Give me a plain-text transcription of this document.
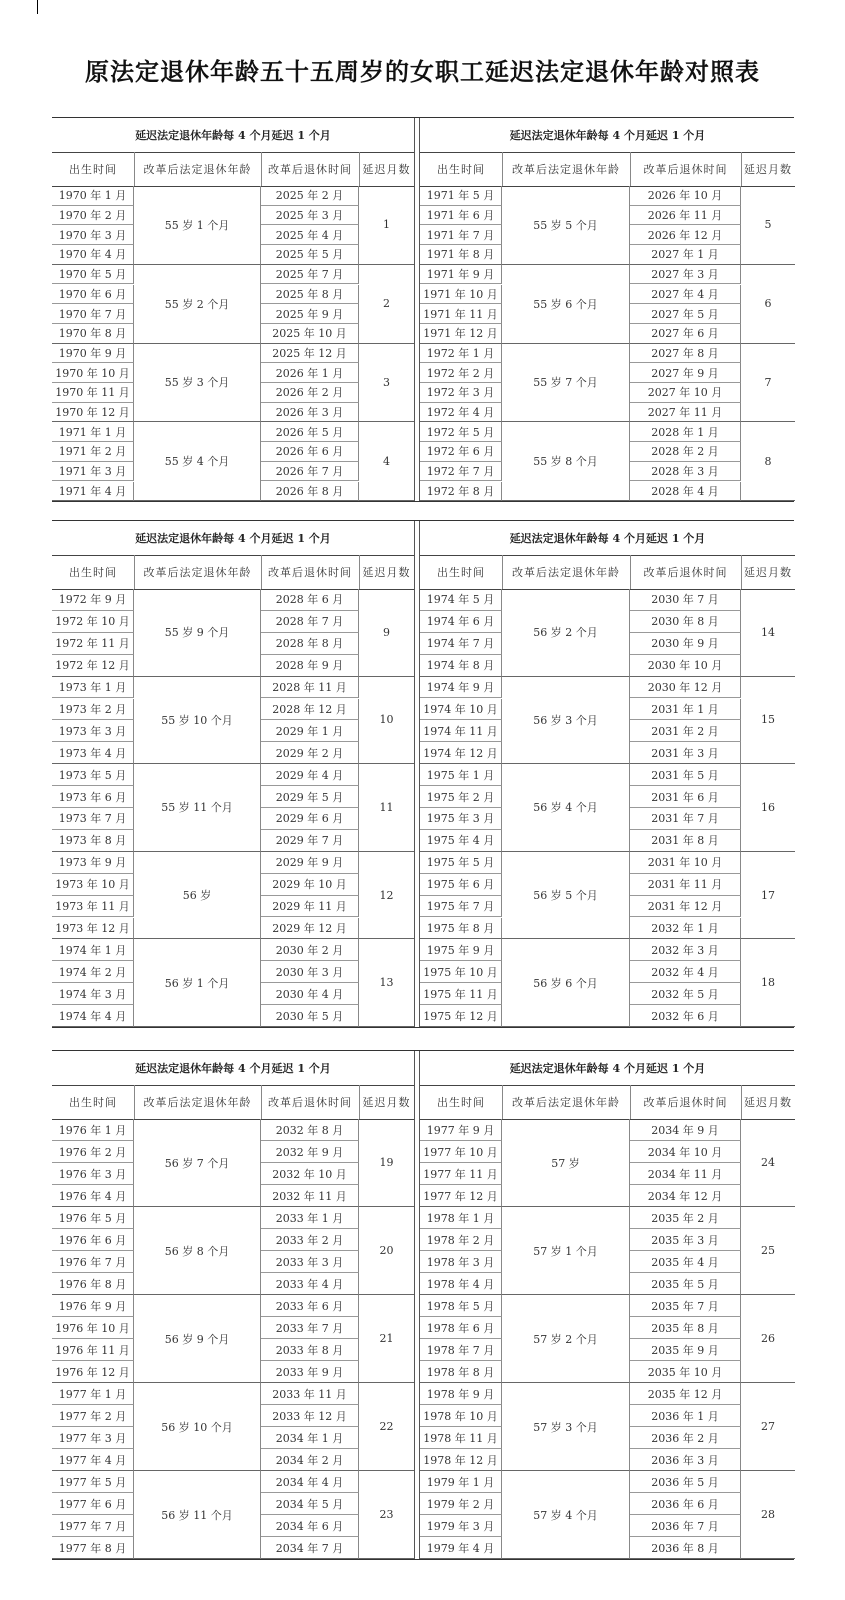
原法定退休年龄五十五周岁的女职工延迟法定退休年龄对照表
延迟法定退休年龄每 4 个月延迟 1 个月
出生时间	改革后法定退休年龄	改革后退休时间 延迟月数
1970 年 1 月	2025 年 2 月
1970 年 2 月	2025 年 3 月
1970 年 3 月	2025 年 4 月
1970 年 4 月	2025 年 5 月
55 岁 1 个月	1
1970 年 5 月	2025 年 7 月
1970 年 6 月	2025 年 8 月
1970 年 7 月	2025 年 9 月
1970 年 8 月	2025 年 10 月
55 岁 2 个月	2
1970 年 9 月	2025 年 12 月
1970 年 10 月	2026 年 1 月
1970 年 11 月	2026 年 2 月
1970 年 12 月	2026 年 3 月
55 岁 3 个月	3
1971 年 1 月	2026 年 5 月
1971 年 2 月	2026 年 6 月
1971 年 3 月	2026 年 7 月
1971 年 4 月	2026 年 8 月
55 岁 4 个月	4
延迟法定退休年龄每 4 个月延迟 1 个月
出生时间	改革后法定退休年龄	改革后退休时间	延迟月数
1971 年 5 月	2026 年 10 月
1971 年 6 月	2026 年 11 月
1971 年 7 月	2026 年 12 月
1971 年 8 月	2027 年 1 月
55 岁 5 个月	5
1971 年 9 月	2027 年 3 月
1971 年 10 月	2027 年 4 月
1971 年 11 月	2027 年 5 月
1971 年 12 月	2027 年 6 月
55 岁 6 个月	6
1972 年 1 月	2027 年 8 月
1972 年 2 月	2027 年 9 月
1972 年 3 月	2027 年 10 月
1972 年 4 月	2027 年 11 月
55 岁 7 个月	7
1972 年 5 月	2028 年 1 月
1972 年 6 月	2028 年 2 月
1972 年 7 月	2028 年 3 月
1972 年 8 月	2028 年 4 月
55 岁 8 个月	8
延迟法定退休年龄每 4 个月延迟 1 个月
出生时间	改革后法定退休年龄	改革后退休时间 延迟月数
1972 年 9 月	2028 年 6 月
1972 年 10 月	2028 年 7 月
1972 年 11 月	2028 年 8 月
1972 年 12 月	2028 年 9 月
55 岁 9 个月	9
1973 年 1 月	2028 年 11 月
1973 年 2 月	2028 年 12 月
1973 年 3 月	2029 年 1 月
1973 年 4 月	2029 年 2 月
55 岁 10 个月	10
1973 年 5 月	2029 年 4 月
1973 年 6 月	2029 年 5 月
1973 年 7 月	2029 年 6 月
1973 年 8 月	2029 年 7 月
55 岁 11 个月	11
1973 年 9 月	2029 年 9 月
1973 年 10 月	2029 年 10 月
1973 年 11 月	2029 年 11 月
1973 年 12 月	2029 年 12 月
56 岁	12
1974 年 1 月	2030 年 2 月
1974 年 2 月	2030 年 3 月
1974 年 3 月	2030 年 4 月
1974 年 4 月	2030 年 5 月
56 岁 1 个月	13
延迟法定退休年龄每 4 个月延迟 1 个月
出生时间	改革后法定退休年龄	改革后退休时间	延迟月数
1974 年 5 月	2030 年 7 月
1974 年 6 月	2030 年 8 月
1974 年 7 月	2030 年 9 月
1974 年 8 月	2030 年 10 月
56 岁 2 个月	14
1974 年 9 月	2030 年 12 月
1974 年 10 月	2031 年 1 月
1974 年 11 月	2031 年 2 月
1974 年 12 月	2031 年 3 月
56 岁 3 个月	15
1975 年 1 月	2031 年 5 月
1975 年 2 月	2031 年 6 月
1975 年 3 月	2031 年 7 月
1975 年 4 月	2031 年 8 月
56 岁 4 个月	16
1975 年 5 月	2031 年 10 月
1975 年 6 月	2031 年 11 月
1975 年 7 月	2031 年 12 月
1975 年 8 月	2032 年 1 月
56 岁 5 个月	17
1975 年 9 月	2032 年 3 月
1975 年 10 月	2032 年 4 月
1975 年 11 月	2032 年 5 月
1975 年 12 月	2032 年 6 月
56 岁 6 个月	18
延迟法定退休年龄每 4 个月延迟 1 个月
出生时间	改革后法定退休年龄	改革后退休时间 延迟月数
1976 年 1 月	2032 年 8 月
1976 年 2 月	2032 年 9 月
1976 年 3 月	2032 年 10 月
1976 年 4 月	2032 年 11 月
56 岁 7 个月	19
1976 年 5 月	2033 年 1 月
1976 年 6 月	2033 年 2 月
1976 年 7 月	2033 年 3 月
1976 年 8 月	2033 年 4 月
56 岁 8 个月	20
1976 年 9 月	2033 年 6 月
1976 年 10 月	2033 年 7 月
1976 年 11 月	2033 年 8 月
1976 年 12 月	2033 年 9 月
56 岁 9 个月	21
1977 年 1 月	2033 年 11 月
1977 年 2 月	2033 年 12 月
1977 年 3 月	2034 年 1 月
1977 年 4 月	2034 年 2 月
56 岁 10 个月	22
1977 年 5 月	2034 年 4 月
1977 年 6 月	2034 年 5 月
1977 年 7 月	2034 年 6 月
1977 年 8 月	2034 年 7 月
56 岁 11 个月	23
延迟法定退休年龄每 4 个月延迟 1 个月
出生时间	改革后法定退休年龄	改革后退休时间	延迟月数
1977 年 9 月	2034 年 9 月
1977 年 10 月	2034 年 10 月
1977 年 11 月	2034 年 11 月
1977 年 12 月	2034 年 12 月
57 岁	24
1978 年 1 月	2035 年 2 月
1978 年 2 月	2035 年 3 月
1978 年 3 月	2035 年 4 月
1978 年 4 月	2035 年 5 月
57 岁 1 个月	25
1978 年 5 月	2035 年 7 月
1978 年 6 月	2035 年 8 月
1978 年 7 月	2035 年 9 月
1978 年 8 月	2035 年 10 月
57 岁 2 个月	26
1978 年 9 月	2035 年 12 月
1978 年 10 月	2036 年 1 月
1978 年 11 月	2036 年 2 月
1978 年 12 月	2036 年 3 月
57 岁 3 个月	27
1979 年 1 月	2036 年 5 月
1979 年 2 月	2036 年 6 月
1979 年 3 月	2036 年 7 月
1979 年 4 月	2036 年 8 月
57 岁 4 个月	28
